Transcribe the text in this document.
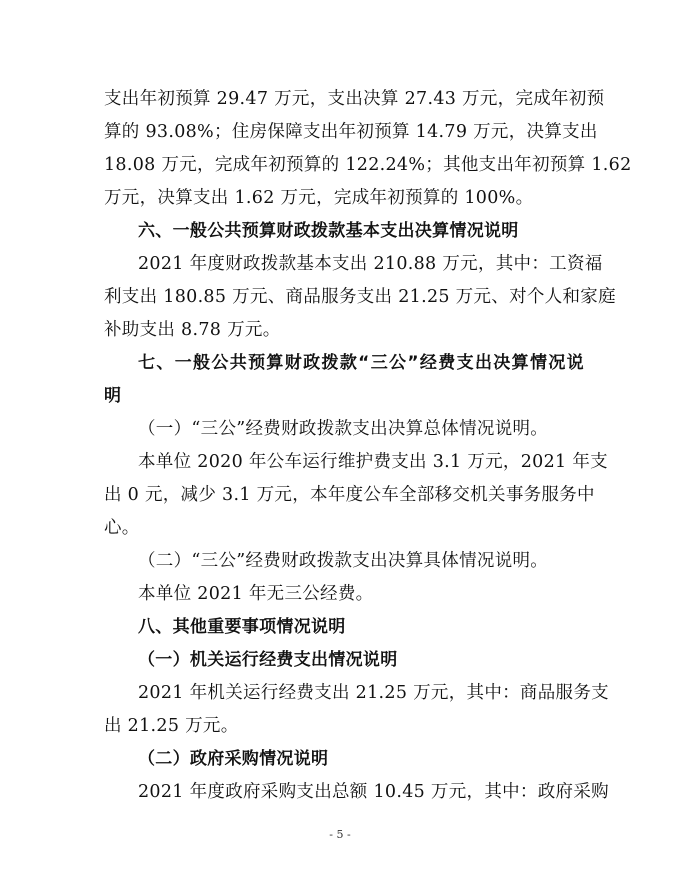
支出年初预算 29.47 万元，支出决算 27.43 万元，完成年初预
算的 93.08%；住房保障支出年初预算 14.79 万元，决算支出
18.08 万元，完成年初预算的 122.24%；其他支出年初预算 1.62
万元，决算支出 1.62 万元，完成年初预算的 100%。
六、一般公共预算财政拨款基本支出决算情况说明
2021 年度财政拨款基本支出 210.88 万元，其中：工资福
利支出 180.85 万元、商品服务支出 21.25 万元、对个人和家庭
补助支出 8.78 万元。
七、一般公共预算财政拨款“三公”经费支出决算情况说
明
（一）“三公”经费财政拨款支出决算总体情况说明。
本单位 2020 年公车运行维护费支出 3.1 万元，2021 年支
出 0 元，减少 3.1 万元，本年度公车全部移交机关事务服务中
心。
（二）“三公”经费财政拨款支出决算具体情况说明。
本单位 2021 年无三公经费。
八、其他重要事项情况说明
（一）机关运行经费支出情况说明
2021 年机关运行经费支出 21.25 万元，其中：商品服务支
出 21.25 万元。
（二）政府采购情况说明
2021 年度政府采购支出总额 10.45 万元，其中：政府采购
- 5 -
